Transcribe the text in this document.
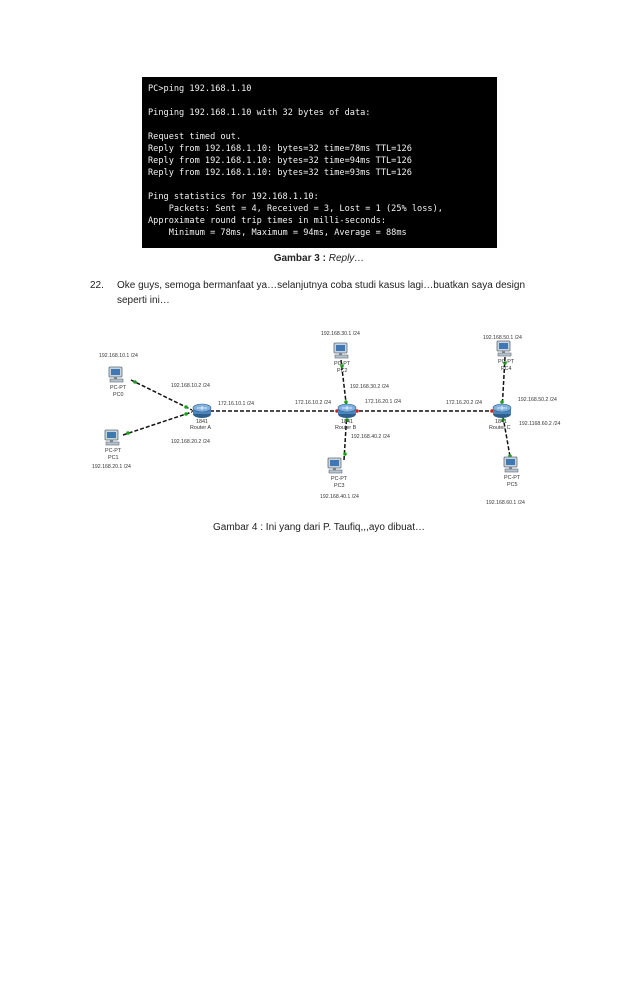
PC>ping 192.168.1.10
Pinging 192.168.1.10 with 32 bytes of data:
Request timed out.
Reply from 192.168.1.10: bytes=32 time=78ms TTL=126
Reply from 192.168.1.10: bytes=32 time=94ms TTL=126
Reply from 192.168.1.10: bytes=32 time=93ms TTL=126
Ping statistics for 192.168.1.10:
Packets: Sent = 4, Received = 3, Lost = 1 (25% loss),
Approximate round trip times in milli-seconds:
Minimum = 78ms, Maximum = 94ms, Average = 88ms
Gambar 3 : Reply…
22. Oke guys, semoga bermanfaat ya…selanjutnya coba studi kasus lagi…buatkan saya design seperti ini…
PC-PT
PC0
192.168.10.1 /24
PC-PT
PC1
192.168.20.1 /24
PC-PT
PC2
192.168.30.1 /24
PC-PT
PC3
192.168.40.1 /24
PC-PT
PC4
192.168.50.1 /24
PC-PT
PC5
192.168.60.1 /24
1841
Router A
1841
Router B
1841
Router C
192.168.10.2 /24
192.168.20.2 /24
172.16.10.1 /24	172.16.10.2 /24
192.168.30.2 /24
192.168.40.2 /24
172.16.20.1 /24	172.16.20.2 /24	192.168.50.2 /24
192.1168.60.2 /24
Gambar 4 : Ini yang dari P. Taufiq,,,ayo dibuat…
